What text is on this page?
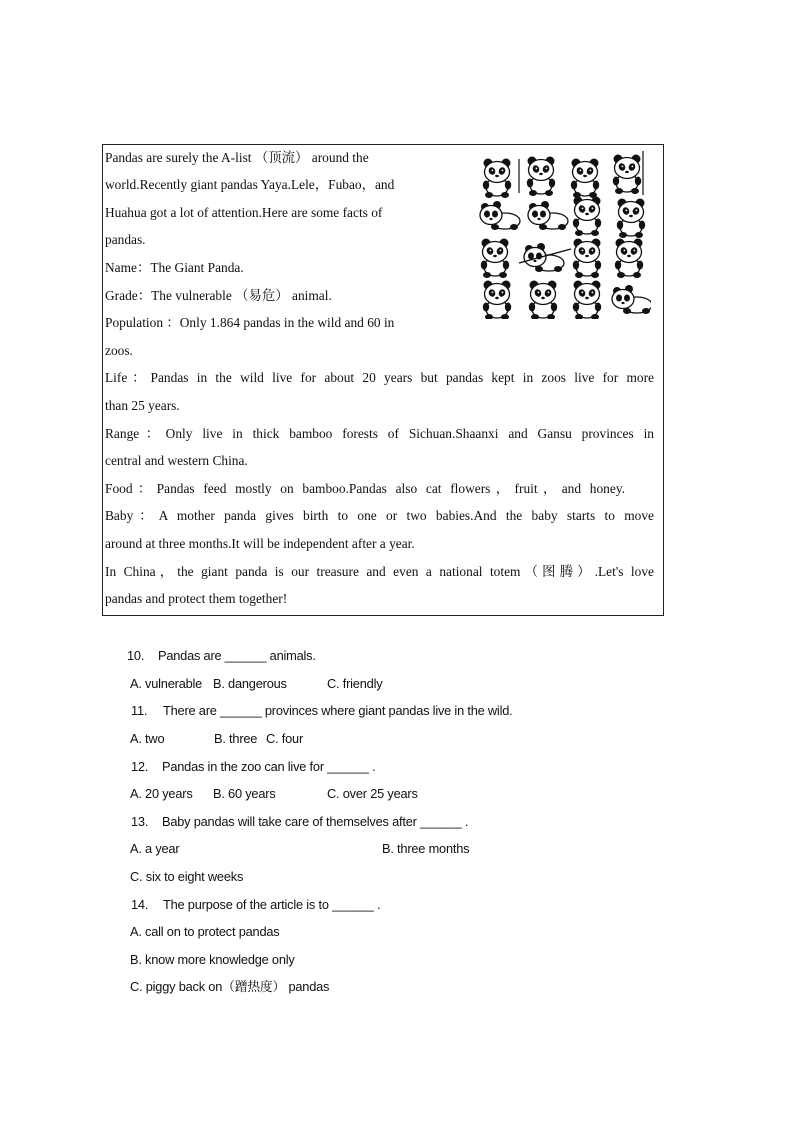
Pandas are surely the A-list （顶流） around the
world.Recently giant pandas Yaya.Lele，Fubao，and
Huahua got a lot of attention.Here are some facts of
pandas.
Name：The Giant Panda.
Grade：The vulnerable （易危） animal.
Population ：Only 1.864 pandas in the wild and 60 in
zoos.
Life：Pandas in the wild live for about 20 years but pandas kept in zoos live for more
than 25 years.
Range：Only live in thick bamboo forests of Sichuan.Shaanxi and Gansu provinces in
central and western China.
Food：Pandas feed mostly on bamboo.Pandas also cat flowers，fruit，and honey.
Baby：A mother panda gives birth to one or two babies.And the baby starts to move
around at three months.It will be independent after a year.
In China，the giant panda is our treasure and even a national totem（图腾）.Let's love
pandas and protect them together!
10. Pandas are ______ animals.
A. vulnerable B. dangerous	C. friendly
11. There are ______ provinces where giant pandas live in the wild.
A. two	B. three C. four
12. Pandas in the zoo can live for ______ .
A. 20 years B. 60 years	C. over 25 years
13. Baby pandas will take care of themselves after ______ .
A. a year	B. three months
C. six to eight weeks
14. The purpose of the article is to ______ .
A. call on to protect pandas
B. know more knowledge only
C. piggy back on（蹭热度） pandas
